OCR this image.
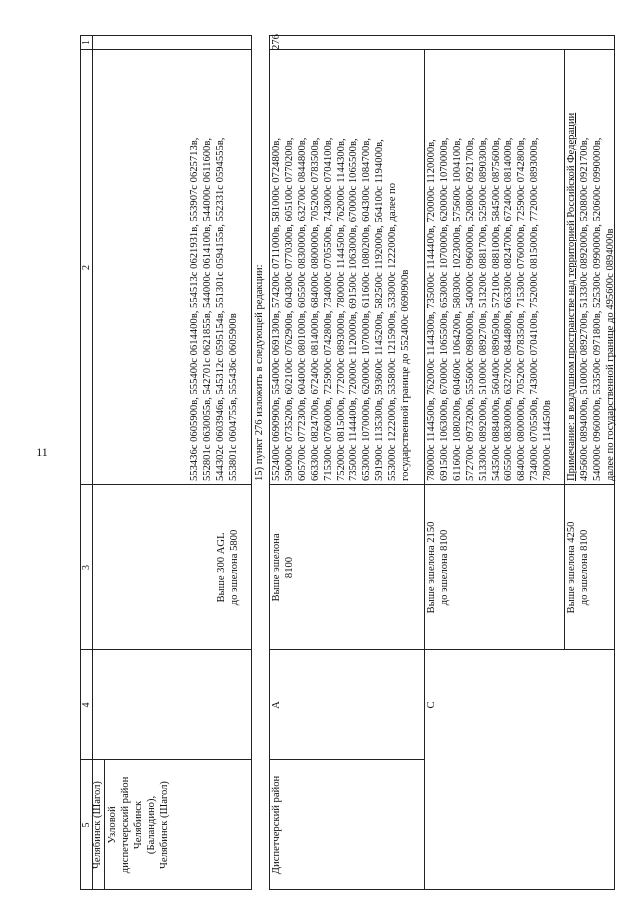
11
1
2
3
4
5 Челябинск (Шагол)
553436с 0605900в, 555400с 0614400в, 554513с 0621931в, 553907с 0625713в,
552801с 0630055в, 542701с 0621855в, 544000с 0614100в, 544000с 0611600в,
544302с 0603946в, 545312с 0595154в, 551301с 0594155в, 552331с 0594555в,
553801с 0604755в, 555436с 0605900в
Выше 300 AGL
до эшелона 5800
Узловой
диспетчерский район
Челябинск
(Баландино),
Челябинск (Шагол)
15) пункт 276 изложить в следующей редакции:
276
552400с 0690900в, 554000с 0691300в, 574200с 0711000в, 581000с 0724800в,
590000с 0735200в, 602100с 0762900в, 604300с 0770300в, 605100с 0770200в,
605700с 0772300в, 604000с 0801000в, 605500с 0830000в, 632700с 0844800в,
663300с 0824700в, 672400с 0814000в, 684000с 0800000в, 705200с 0783500в,
715300с 0760000в, 725900с 0742800в, 734000с 0705500в, 743000с 0704100в,
752000с 0815000в, 772000с 0893000в, 780000с 1144500в, 762000с 1144300в,
735000с 1144400в, 720000с 1120000в, 691500с 1063000в, 670000с 1065500в,
653000с 1070000в, 620000с 1070000в, 611600с 1080200в, 604300с 1084700в,
591900с 1135300в, 593600с 1145200в, 582500с 1192000в, 564100с 1194000в,
553000с 1222000в, 535800с 1215900в, 533000с 1222000в, далее по
государственной границе до 552400с 0690900в
Выше эшелона
8100
А
Диспетчерский район
780000с 1144500в, 762000с 1144300в, 735000с 1144400в, 720000с 1120000в,
691500с 1063000в, 670000с 1065500в, 653000с 1070000в, 620000с 1070000в,
611600с 1080200в, 604600с 1064200в, 580300с 1023000в, 575600с 1004100в,
572700с 0973200в, 555600с 0980000в, 540000с 0960000в, 520800с 0921700в,
513300с 0892000в, 510000с 0892700в, 513200с 0881700в, 525000с 0890300в,
543500с 0884000в, 560400с 0890500в, 572100с 0881000в, 584500с 0875600в,
605500с 0830000в, 632700с 0844800в, 663300с 0824700в, 672400с 0814000в,
684000с 0800000в, 705200с 0783500в, 715300с 0760000в, 725900с 0742800в,
734000с 0705500в, 743000с 0704100в, 752000с 0815000в, 772000с 0893000в,
780000с 1144500в
Выше эшелона 2150
до эшелона 8100
С
Примечание: в воздушном пространстве над территорией Российской Федерации 495600с 0894000в, 510000с 0892700в, 513300с 0892000в, 520800с 0921700в,
540000с 0960000в, 533500с 0971800в, 525300с 0990000в, 520600с 0990000в,
далее по государственной границе до 495600с 0894000в
Выше эшелона 4250
до эшелона 8100
